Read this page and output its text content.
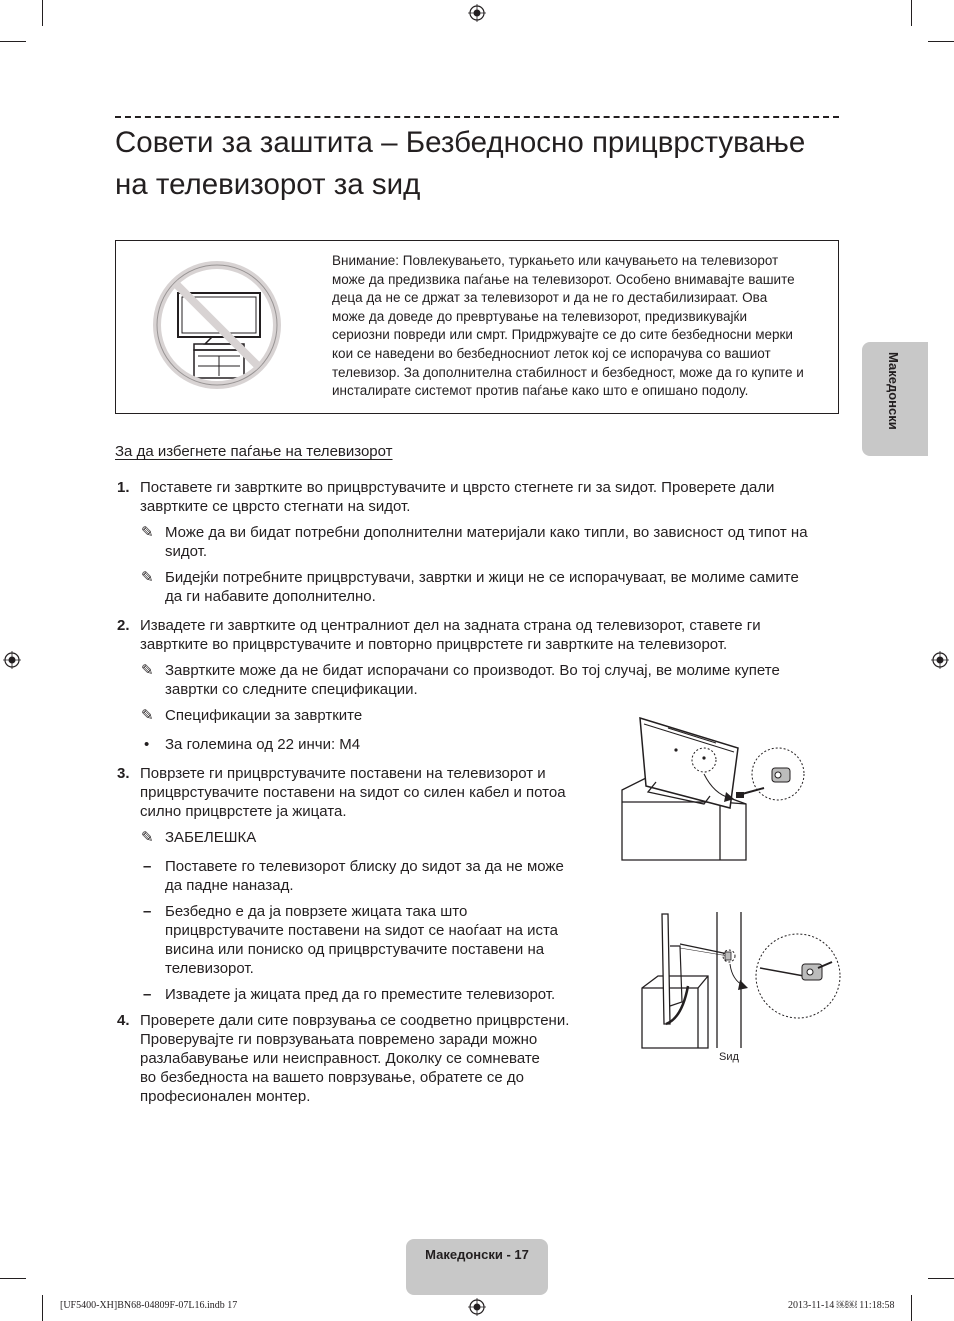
Совети за заштита – Безбедносно прицврстување
на телевизорот за ѕид
Македонски
Внимание: Повлекувањето, туркањето или качувањето на телевизорот
може да предизвика паѓање на телевизорот. Особено внимавајте вашите
деца да не се држат за телевизорот и да не го дестабилизираат. Ова
може да доведе до превртување на телевизорот, предизвикувајќи
сериозни повреди или смрт. Придржувајте се до сите безбедносни мерки
кои се наведени во безбедносниот леток кој се испорачува со вашиот
телевизор. За дополнителна стабилност и безбедност, може да го купите и
инсталирате системот против паѓање како што е опишано подолу.
За да избегнете паѓање на телевизорот
1. Поставете ги завртките во прицврстувачите и цврсто стегнете ги за ѕидот. Проверете дали
завртките се цврсто стегнати на ѕидот.
✎ Може да ви бидат потребни дополнителни материјали како типли, во зависност од типот на
ѕидот.
✎ Бидејќи потребните прицврстувачи, завртки и жици не се испорачуваат, ве молиме самите
да ги набавите дополнително.
2. Извадете ги завртките од централниот дел на задната страна од телевизорот, ставете ги
завртките во прицврстувачите и повторно прицврстете ги завртките на телевизорот.
✎ Завртките може да не бидат испорачани со производот. Во тој случај, ве молиме купете
завртки со следните спецификации.
✎ Спецификации за завртките
• За големина од 22 инчи: M4
3. Поврзете ги прицврстувачите поставени на телевизорот и
прицврстувачите поставени на ѕидот со силен кабел и потоа
силно прицврстете ја жицата.
✎ ЗАБЕЛЕШКА
– Поставете го телевизорот блиску до ѕидот за да не може
да падне наназад.
– Безбедно е да ја поврзете жицата така што
прицврстувачите поставени на ѕидот се наоѓаат на иста
висина или пониско од прицврстувачите поставени на
телевизорот.
– Извадете ја жицата пред да го преместите телевизорот.
4. Проверете дали сите поврзувања се соодветно прицврстени.
Проверувајте ги поврзувањата повремено заради можно
разлабавување или неисправност. Доколку се сомневате
во безбедноста на вашето поврзување, обратете се до
професионален монтер.
Ѕид
Македонски - 17
[UF5400-XH]BN68-04809F-07L16.indb 17	2013-11-14 ￼￼ 11:18:58
